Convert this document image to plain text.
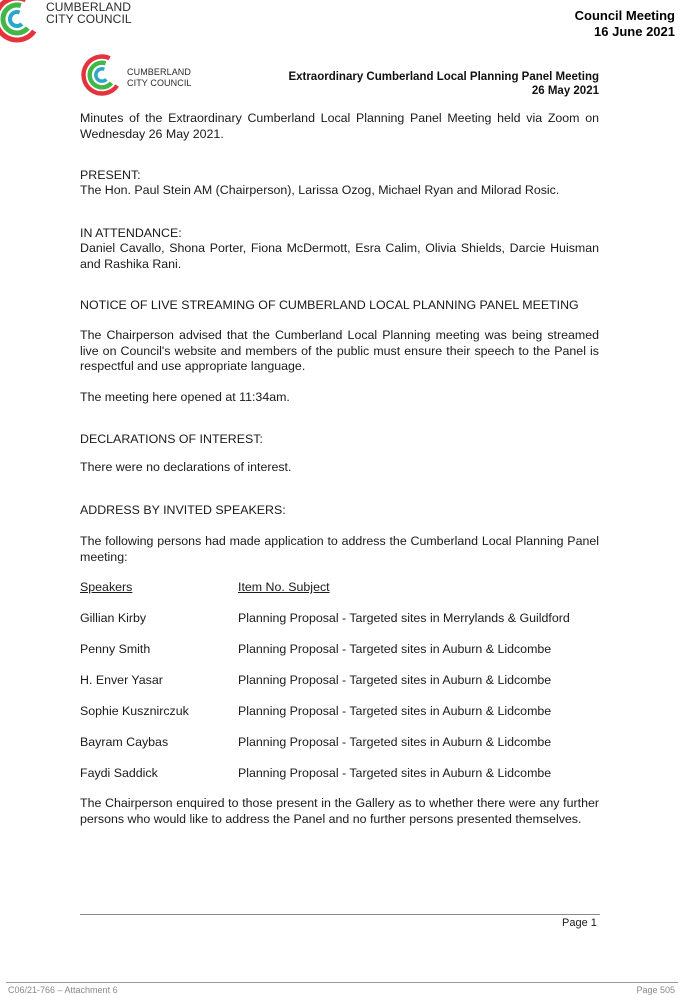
CUMBERLAND
CITY COUNCIL	Council Meeting
16 June 2021
CUMBERLAND
CITY COUNCIL	Extraordinary Cumberland Local Planning Panel Meeting
26 May 2021
Minutes of the Extraordinary Cumberland Local Planning Panel Meeting held via Zoom on Wednesday 26 May 2021.
PRESENT:
The Hon. Paul Stein AM (Chairperson), Larissa Ozog, Michael Ryan and Milorad Rosic.
IN ATTENDANCE:
Daniel Cavallo, Shona Porter, Fiona McDermott, Esra Calim, Olivia Shields, Darcie Huisman and Rashika Rani.
NOTICE OF LIVE STREAMING OF CUMBERLAND LOCAL PLANNING PANEL MEETING
The Chairperson advised that the Cumberland Local Planning meeting was being streamed live on Council's website and members of the public must ensure their speech to the Panel is respectful and use appropriate language.
The meeting here opened at 11:34am.
DECLARATIONS OF INTEREST:
There were no declarations of interest.
ADDRESS BY INVITED SPEAKERS:
The following persons had made application to address the Cumberland Local Planning Panel meeting:
Speakers	Item No. Subject
Gillian Kirby	Planning Proposal - Targeted sites in Merrylands & Guildford
Penny Smith	Planning Proposal - Targeted sites in Auburn & Lidcombe
H. Enver Yasar	Planning Proposal - Targeted sites in Auburn & Lidcombe
Sophie Kusznirczuk	Planning Proposal - Targeted sites in Auburn & Lidcombe
Bayram Caybas	Planning Proposal - Targeted sites in Auburn & Lidcombe
Faydi Saddick	Planning Proposal - Targeted sites in Auburn & Lidcombe
The Chairperson enquired to those present in the Gallery as to whether there were any further persons who would like to address the Panel and no further persons presented themselves.
Page 1
C06/21-766 – Attachment 6	Page 505
